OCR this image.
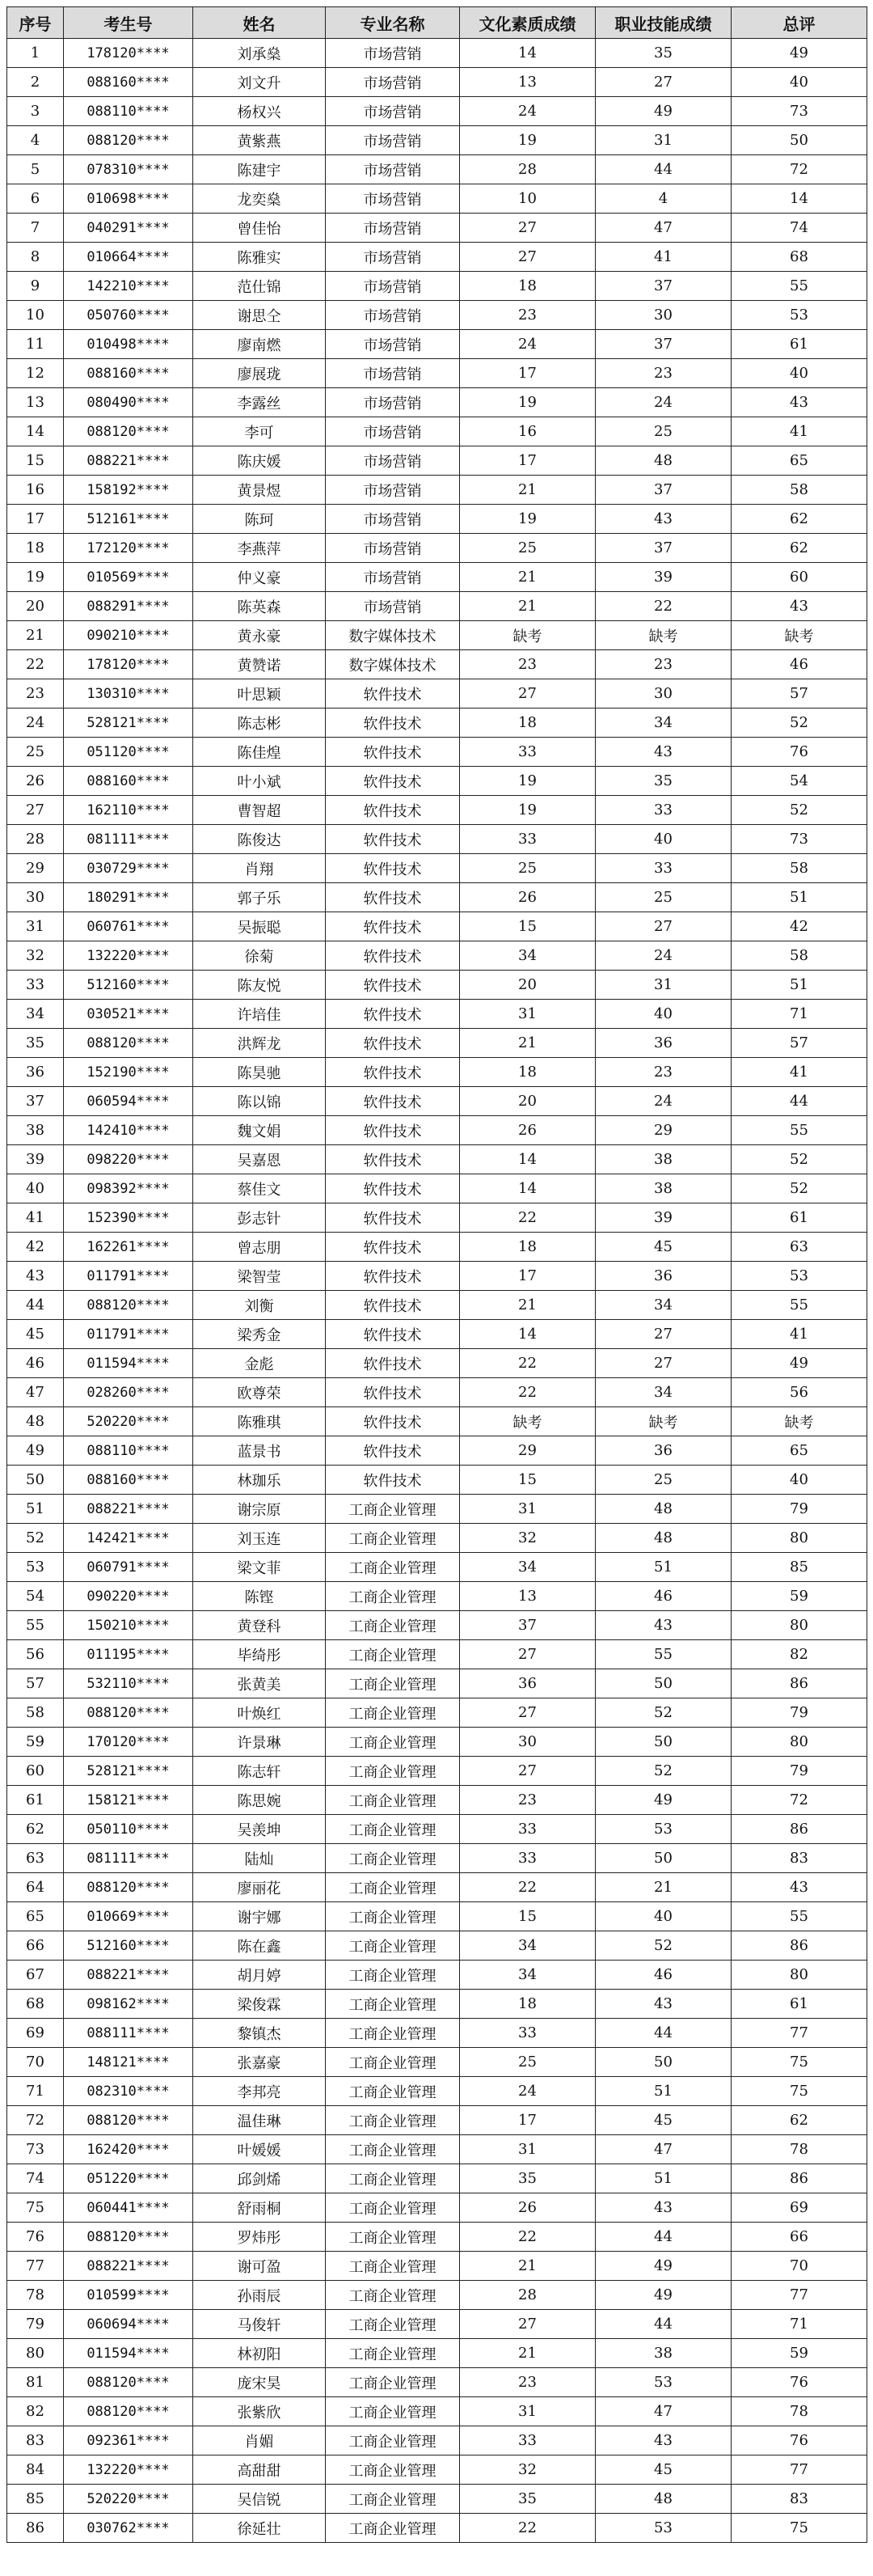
序号	考生号	姓名	专业名称	文化素质成绩	职业技能成绩	总评
1	178120****	刘承燊	市场营销	14	35	49
2	088160****	刘文升	市场营销	13	27	40
3	088110****	杨权兴	市场营销	24	49	73
4	088120****	黄紫燕	市场营销	19	31	50
5	078310****	陈建宇	市场营销	28	44	72
6	010698****	龙奕燊	市场营销	10	4	14
7	040291****	曾佳怡	市场营销	27	47	74
8	010664****	陈雅实	市场营销	27	41	68
9	142210****	范仕锦	市场营销	18	37	55
10	050760****	谢思仝	市场营销	23	30	53
11	010498****	廖南燃	市场营销	24	37	61
12	088160****	廖展珑	市场营销	17	23	40
13	080490****	李露丝	市场营销	19	24	43
14	088120****	李可	市场营销	16	25	41
15	088221****	陈庆媛	市场营销	17	48	65
16	158192****	黄景煜	市场营销	21	37	58
17	512161****	陈珂	市场营销	19	43	62
18	172120****	李燕萍	市场营销	25	37	62
19	010569****	仲义豪	市场营销	21	39	60
20	088291****	陈英森	市场营销	21	22	43
21	090210****	黄永豪	数字媒体技术	缺考	缺考	缺考
22	178120****	黄赞诺	数字媒体技术	23	23	46
23	130310****	叶思颖	软件技术	27	30	57
24	528121****	陈志彬	软件技术	18	34	52
25	051120****	陈佳煌	软件技术	33	43	76
26	088160****	叶小斌	软件技术	19	35	54
27	162110****	曹智超	软件技术	19	33	52
28	081111****	陈俊达	软件技术	33	40	73
29	030729****	肖翔	软件技术	25	33	58
30	180291****	郭子乐	软件技术	26	25	51
31	060761****	吴振聪	软件技术	15	27	42
32	132220****	徐菊	软件技术	34	24	58
33	512160****	陈友悦	软件技术	20	31	51
34	030521****	许培佳	软件技术	31	40	71
35	088120****	洪辉龙	软件技术	21	36	57
36	152190****	陈昊驰	软件技术	18	23	41
37	060594****	陈以锦	软件技术	20	24	44
38	142410****	魏文娟	软件技术	26	29	55
39	098220****	吴嘉恩	软件技术	14	38	52
40	098392****	蔡佳文	软件技术	14	38	52
41	152390****	彭志针	软件技术	22	39	61
42	162261****	曾志朋	软件技术	18	45	63
43	011791****	梁智莹	软件技术	17	36	53
44	088120****	刘衡	软件技术	21	34	55
45	011791****	梁秀金	软件技术	14	27	41
46	011594****	金彪	软件技术	22	27	49
47	028260****	欧尊荣	软件技术	22	34	56
48	520220****	陈雅琪	软件技术	缺考	缺考	缺考
49	088110****	蓝景书	软件技术	29	36	65
50	088160****	林珈乐	软件技术	15	25	40
51	088221****	谢宗原	工商企业管理	31	48	79
52	142421****	刘玉连	工商企业管理	32	48	80
53	060791****	梁文菲	工商企业管理	34	51	85
54	090220****	陈铿	工商企业管理	13	46	59
55	150210****	黄登科	工商企业管理	37	43	80
56	011195****	毕绮彤	工商企业管理	27	55	82
57	532110****	张黄美	工商企业管理	36	50	86
58	088120****	叶焕红	工商企业管理	27	52	79
59	170120****	许景琳	工商企业管理	30	50	80
60	528121****	陈志轩	工商企业管理	27	52	79
61	158121****	陈思婉	工商企业管理	23	49	72
62	050110****	吴羡坤	工商企业管理	33	53	86
63	081111****	陆灿	工商企业管理	33	50	83
64	088120****	廖丽花	工商企业管理	22	21	43
65	010669****	谢宇娜	工商企业管理	15	40	55
66	512160****	陈在鑫	工商企业管理	34	52	86
67	088221****	胡月婷	工商企业管理	34	46	80
68	098162****	梁俊霖	工商企业管理	18	43	61
69	088111****	黎镇杰	工商企业管理	33	44	77
70	148121****	张嘉豪	工商企业管理	25	50	75
71	082310****	李邦亮	工商企业管理	24	51	75
72	088120****	温佳琳	工商企业管理	17	45	62
73	162420****	叶媛媛	工商企业管理	31	47	78
74	051220****	邱剑烯	工商企业管理	35	51	86
75	060441****	舒雨桐	工商企业管理	26	43	69
76	088120****	罗炜彤	工商企业管理	22	44	66
77	088221****	谢可盈	工商企业管理	21	49	70
78	010599****	孙雨辰	工商企业管理	28	49	77
79	060694****	马俊轩	工商企业管理	27	44	71
80	011594****	林初阳	工商企业管理	21	38	59
81	088120****	庞宋昊	工商企业管理	23	53	76
82	088120****	张紫欣	工商企业管理	31	47	78
83	092361****	肖媚	工商企业管理	33	43	76
84	132220****	高甜甜	工商企业管理	32	45	77
85	520220****	吴信锐	工商企业管理	35	48	83
86	030762****	徐延壮	工商企业管理	22	53	75
